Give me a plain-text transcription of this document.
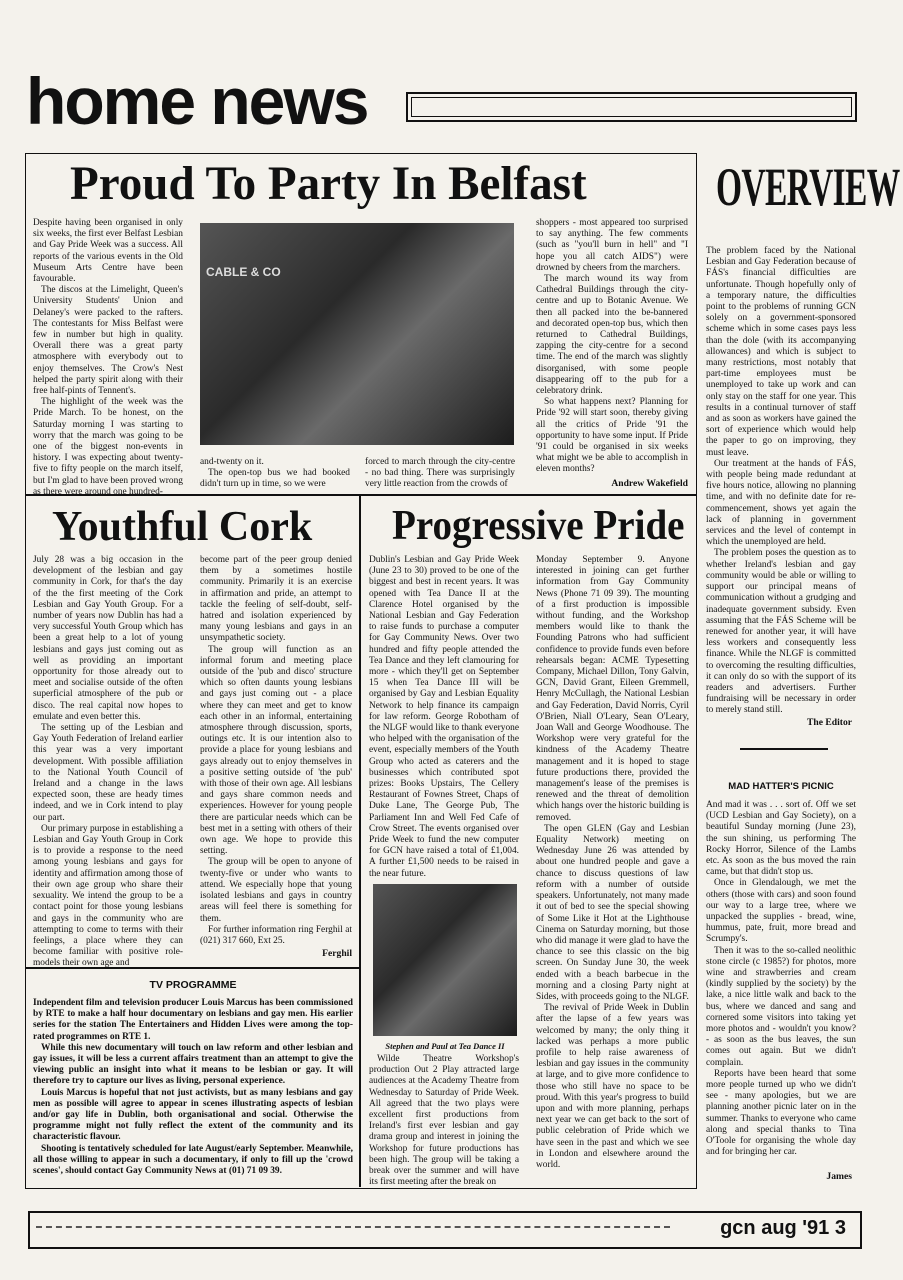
home news
Proud To Party In Belfast

Despite having been organised in only six weeks, the first ever Belfast Lesbian and Gay Pride Week was a success. All reports of the various events in the Old Museum Arts Centre have been favourable.

The discos at the Limelight, Queen's University Students' Union and Delaney's were packed to the rafters. The contestants for Miss Belfast were few in number but high in quality. Overall there was a great party atmosphere with everybody out to enjoy themselves. The Crow's Nest helped the party spirit along with their free half-pints of Tennent's.

The highlight of the week was the Pride March. To be honest, on the Saturday morning I was starting to worry that the march was going to be one of the biggest non-events in history. I was expecting about twenty-five to fifty people on the march itself, but I'm glad to have been proved wrong as there were around one hundred-

CABLE & CO

and-twenty on it.

The open-top bus we had booked didn't turn up in time, so we were

forced to march through the city-centre - no bad thing. There was surprisingly very little reaction from the crowds of

shoppers - most appeared too surprised to say anything. The few comments (such as "you'll burn in hell" and "I hope you all catch AIDS") were drowned by cheers from the marchers.

The march wound its way from Cathedral Buildings through the city-centre and up to Botanic Avenue. We then all packed into the be-bannered and decorated open-top bus, which then returned to Cathedral Buildings, zapping the city-centre for a second time. The end of the march was slightly disorganised, with some people disappearing off to the pub for a celebratory drink.

So what happens next? Planning for Pride '92 will start soon, thereby giving all the critics of Pride '91 the opportunity to have some input. If Pride '91 could be organised in six weeks what might we be able to accomplish in eleven months?

Andrew Wakefield
Youthful Cork

July 28 was a big occasion in the development of the lesbian and gay community in Cork, for that's the day of the the first meeting of the Cork Lesbian and Gay Youth Group. For a number of years now Dublin has had a very successful Youth Group which has been a great help to a lot of young lesbians and gays just coming out as well as providing an important opportunity for those already out to meet and socialise outside of the often superficial atmosphere of the pub or disco. The real capital now hopes to emulate and even better this.

The setting up of the Lesbian and Gay Youth Federation of Ireland earlier this year was a very important development. With possible affiliation to the National Youth Council of Ireland and a change in the laws expected soon, these are heady times indeed, and we in Cork intend to play our part.

Our primary purpose in establishing a Lesbian and Gay Youth Group in Cork is to provide a response to the need among young lesbians and gays for identity and affirmation among those of their own age group who share their sexuality. We intend the group to be a contact point for those young lesbians and gays in the community who are attempting to come to terms with their feelings, a place where they can become familiar with positive role-models their own age and

become part of the peer group denied them by a sometimes hostile community. Primarily it is an exercise in affirmation and pride, an attempt to tackle the feeling of self-doubt, self-hatred and isolation experienced by many young lesbians and gays in an unsympathetic society.

The group will function as an informal forum and meeting place outside of the 'pub and disco' structure which so often daunts young lesbians and gays just coming out - a place where they can meet and get to know each other in an informal, entertaining atmosphere through discussion, sports, outings etc. It is our intention also to provide a place for young lesbians and gays already out to enjoy themselves in a positive setting outside of 'the pub' with those of their own age. All lesbians and gays share common needs and experiences. However for young people there are particular needs which can be best met in a setting with others of their own age. We hope to provide this setting.

The group will be open to anyone of twenty-five or under who wants to attend. We especially hope that young isolated lesbians and gays in country areas will feel there is something for them.

For further information ring Ferghil at (021) 317 660, Ext 25.

Ferghil
TV PROGRAMME

Independent film and television producer Louis Marcus has been commissioned by RTE to make a half hour documentary on lesbians and gay men. His earlier series for the station The Entertainers and Hidden Lives were among the top-rated programmes on RTE 1.

While this new documentary will touch on law reform and other lesbian and gay issues, it will be less a current affairs treatment than an attempt to give the viewing public an insight into what it means to be lesbian or gay. It will therefore try to capture our lives as living, personal experience.

Louis Marcus is hopeful that not just activists, but as many lesbians and gay men as possible will agree to appear in scenes illustrating aspects of lesbian and/or gay life in Dublin, both organisational and social. Otherwise the programme might not fully reflect the extent of the community and its characteristic flavour.

Shooting is tentatively scheduled for late August/early September. Meanwhile, all those willing to appear in such a documentary, if only to fill up the 'crowd scenes', should contact Gay Community News at (01) 71 09 39.

Progressive Pride

Dublin's Lesbian and Gay Pride Week (June 23 to 30) proved to be one of the biggest and best in recent years. It was opened with Tea Dance II at the Clarence Hotel organised by the National Lesbian and Gay Federation to raise funds to purchase a computer for Gay Community News. Over two hundred and fifty people attended the Tea Dance and they left clamouring for more - which they'll get on September 15 when Tea Dance III will be organised by Gay and Lesbian Equality Network to help finance its campaign for law reform. George Robotham of the NLGF would like to thank everyone who helped with the organisation of the event, especially members of the Youth Group who acted as caterers and the businesses which contributed spot prizes: Books Upstairs, The Cellery Restaurant of Fownes Street, Chaps of Duke Lane, The George Pub, The Parliament Inn and Well Fed Cafe of Crow Street. The events organised over Pride Week to fund the new computer for GCN have raised a total of £1,004. A further £1,500 needs to be raised in the near future.

Stephen and Paul at Tea Dance II

Wilde Theatre Workshop's production Out 2 Play attracted large audiences at the Academy Theatre from Wednesday to Saturday of Pride Week. All agreed that the two plays were excellent first productions from Ireland's first ever lesbian and gay drama group and interest in joining the Workshop for future productions has been high. The group will be taking a break over the summer and will have its first meeting after the break on

Monday September 9. Anyone interested in joining can get further information from Gay Community News (Phone 71 09 39). The mounting of a first production is impossible without funding, and the Workshop members would like to thank the Founding Patrons who had sufficient confidence to provide funds even before rehearsals began: ACME Typesetting Company, Michael Dillon, Tony Galvin, GCN, David Grant, Eileen Gremmell, Henry McCullagh, the National Lesbian and Gay Federation, David Norris, Cyril O'Brien, Niall O'Leary, Sean O'Leary, Joan Wall and George Woodhouse. The Workshop were very grateful for the kindness of the Academy Theatre management and it is hoped to stage future productions there, provided the management's lease of the premises is renewed and the threat of demolition which hangs over the historic building is removed.

The open GLEN (Gay and Lesbian Equality Network) meeting on Wednesday June 26 was attended by about one hundred people and gave a chance to discuss questions of law reform with a number of outside speakers. Unfortunately, not many made it out of bed to see the special showing of Some Like it Hot at the Lighthouse Cinema on Saturday morning, but those who did manage it were glad to have the chance to see this classic on the big screen. On Sunday June 30, the week ended with a beach barbecue in the morning and a closing Party night at Sides, with proceeds going to the NLGF.

The revival of Pride Week in Dublin after the lapse of a few years was welcomed by many; the only thing it lacked was perhaps a more public profile to help raise awareness of lesbian and gay issues in the community at large, and to give more confidence to those who still have no space to be proud. With this year's progress to build upon and with more planning, perhaps next year we can get back to the sort of public celebration of Pride which we have seen in the past and which we see in London and elsewhere around the world.

OVERVIEW

The problem faced by the National Lesbian and Gay Federation because of FÁS's financial difficulties are unfortunate. Though hopefully only of a temporary nature, the difficulties point to the problems of running GCN solely on a government-sponsored scheme which in some cases pays less than the dole (with its accompanying allowances) and which is subject to many restrictions, most notably that part-time employees must be unemployed to take up work and can only stay on the staff for one year. This results in a continual turnover of staff and as soon as workers have gained the sort of experience which would help the paper to go on improving, they must leave.

Our treatment at the hands of FÁS, with people being made redundant at five hours notice, allowing no planning time, and with no definite date for re-commencement, shows yet again the lack of planning in government services and the level of contempt in which the unemployed are held.

The problem poses the question as to whether Ireland's lesbian and gay community would be able or willing to support our principal means of communication without a grudging and inadequate government subsidy. Even assuming that the FÁS Scheme will be renewed for another year, it will have less workers and consequently less finance. While the NLGF is committed to overcoming the resulting difficulties, it can only do so with the support of its readers and advertisers. Further fundraising will be necessary in order to merely stand still.

The Editor
MAD HATTER'S PICNIC

And mad it was . . . sort of. Off we set (UCD Lesbian and Gay Society), on a beautiful Sunday morning (June 23), the sun shining, us performing The Rocky Horror, Silence of the Lambs etc. As soon as the bus moved the rain came, but that didn't stop us.

Once in Glendalough, we met the others (those with cars) and soon found our way to a large tree, where we unpacked the supplies - bread, wine, hummus, pate, fruit, more bread and Scrumpy's.

Then it was to the so-called neolithic stone circle (c 1985?) for photos, more wine and strawberries and cream (kindly supplied by the society) by the lake, a nice little walk and back to the bus, where we danced and sang and cornered some visitors into taking yet more photos and - wouldn't you know? - as soon as the bus leaves, the sun comes out again. But we didn't complain.

Reports have been heard that some more people turned up who we didn't see - many apologies, but we are planning another picnic later on in the summer. Thanks to everyone who came along and special thanks to Tina O'Toole for organising the whole day and for bringing her car.

James
gcn aug '91 3
